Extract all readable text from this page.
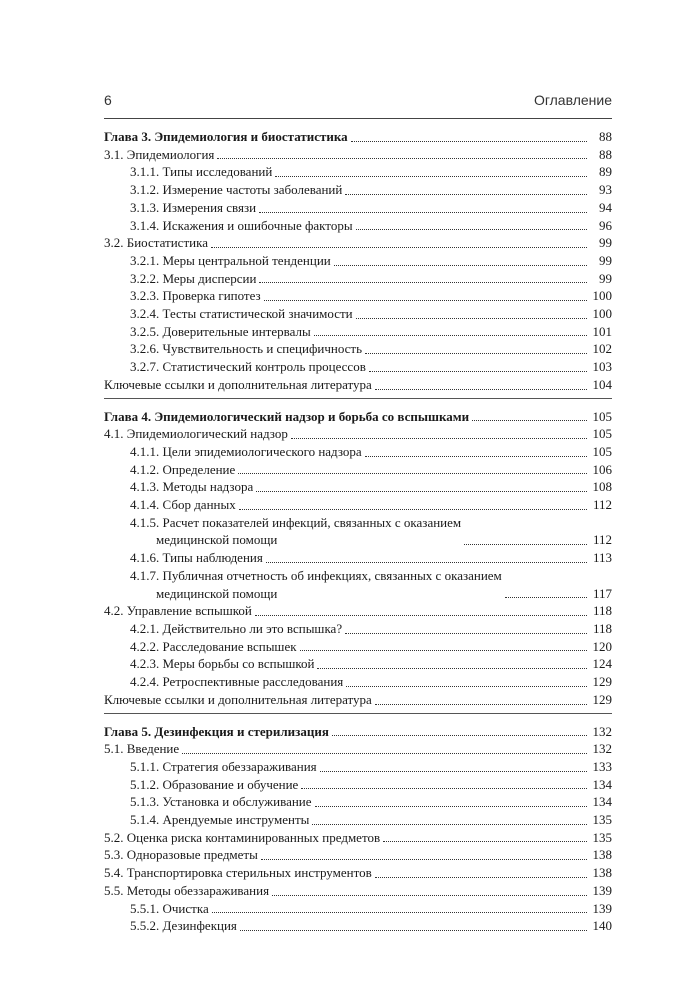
6	Оглавление
Глава 3. Эпидемиология и биостатистика	88
3.1. Эпидемиология	88
3.1.1. Типы исследований	89
3.1.2. Измерение частоты заболеваний	93
3.1.3. Измерения связи	94
3.1.4. Искажения и ошибочные факторы	96
3.2. Биостатистика	99
3.2.1. Меры центральной тенденции	99
3.2.2. Меры дисперсии	99
3.2.3. Проверка гипотез	100
3.2.4. Тесты статистической значимости	100
3.2.5. Доверительные интервалы	101
3.2.6. Чувствительность и специфичность	102
3.2.7. Статистический контроль процессов	103
Ключевые ссылки и дополнительная литература	104
Глава 4. Эпидемиологический надзор и борьба со вспышками	105
4.1. Эпидемиологический надзор	105
4.1.1. Цели эпидемиологического надзора	105
4.1.2. Определение	106
4.1.3. Методы надзора	108
4.1.4. Сбор данных	112
4.1.5. Расчет показателей инфекций, связанных с оказанием
медицинской помощи	112
4.1.6. Типы наблюдения	113
4.1.7. Публичная отчетность об инфекциях, связанных с оказанием
медицинской помощи	117
4.2. Управление вспышкой	118
4.2.1. Действительно ли это вспышка?	118
4.2.2. Расследование вспышек	120
4.2.3. Меры борьбы со вспышкой	124
4.2.4. Ретроспективные расследования	129
Ключевые ссылки и дополнительная литература	129
Глава 5. Дезинфекция и стерилизация	132
5.1. Введение	132
5.1.1. Стратегия обеззараживания	133
5.1.2. Образование и обучение	134
5.1.3. Установка и обслуживание	134
5.1.4. Арендуемые инструменты	135
5.2. Оценка риска контаминированных предметов	135
5.3. Одноразовые предметы	138
5.4. Транспортировка стерильных инструментов	138
5.5. Методы обеззараживания	139
5.5.1. Очистка	139
5.5.2. Дезинфекция	140
